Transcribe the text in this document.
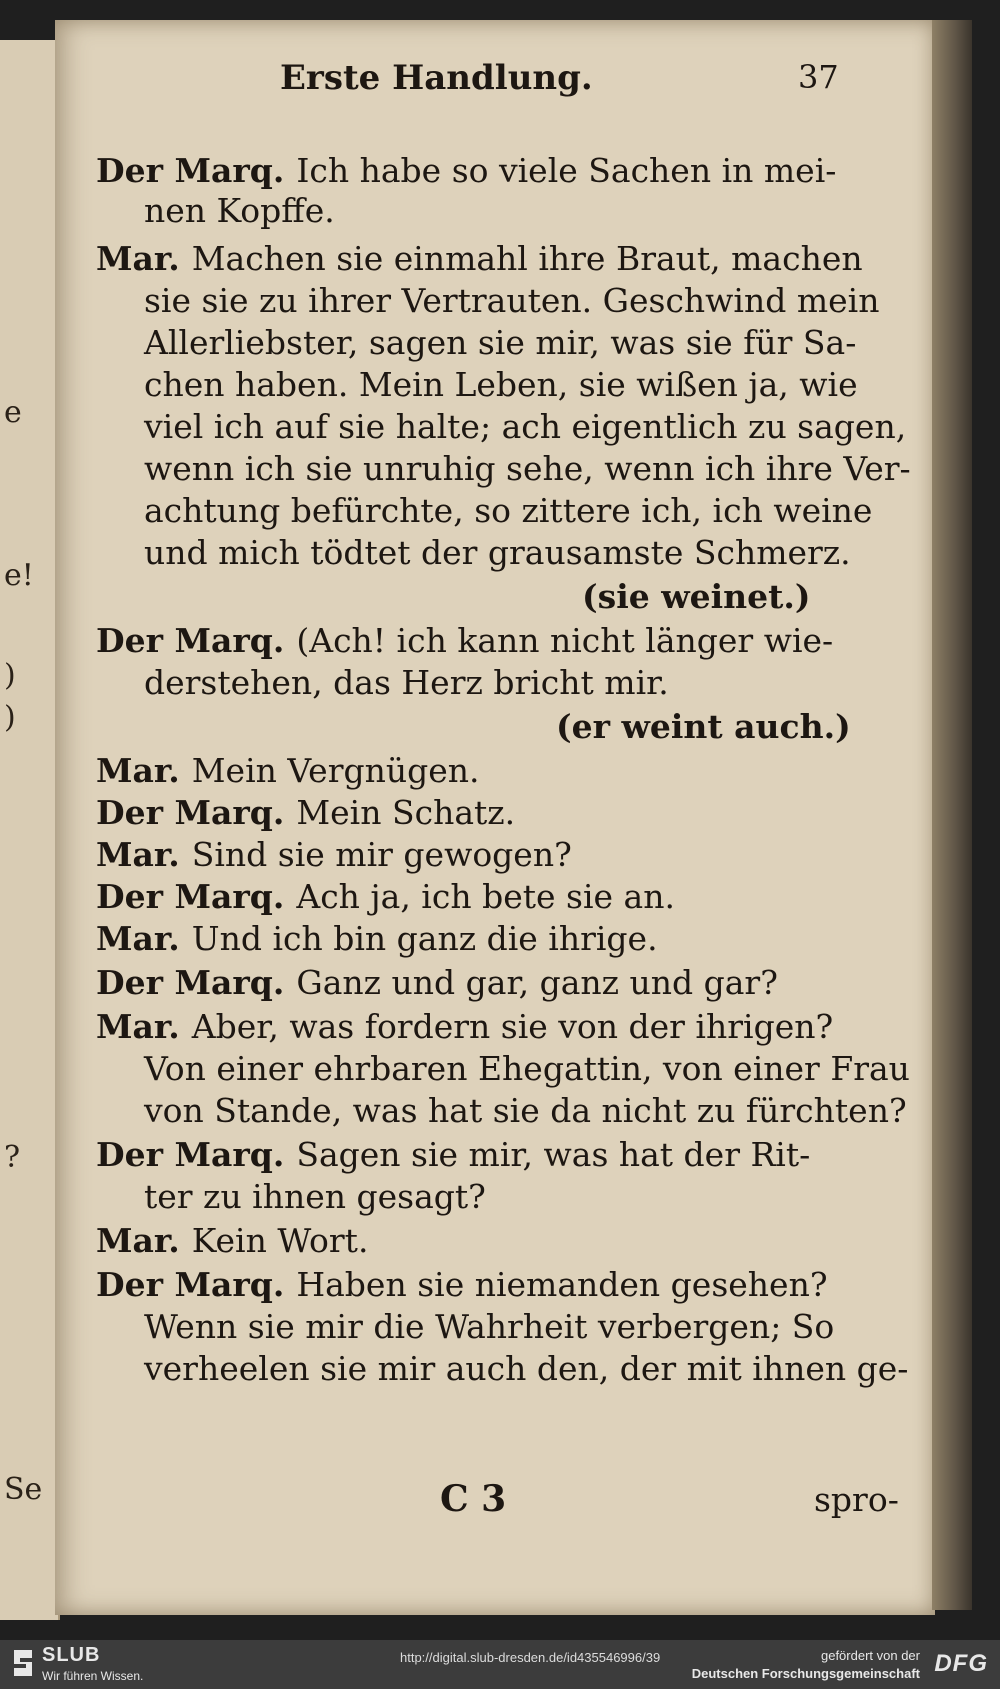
e
e!
)
)
?
Se
Erste Handlung.	37
Der Marq. Ich habe so viele Sachen in mei-
nen Kopffe.
Mar. Machen sie einmahl ihre Braut, machen
sie sie zu ihrer Vertrauten. Geschwind mein
Allerliebster, sagen sie mir, was sie für Sa-
chen haben. Mein Leben, sie wißen ja, wie
viel ich auf sie halte; ach eigentlich zu sagen,
wenn ich sie unruhig sehe, wenn ich ihre Ver-
achtung befürchte, so zittere ich, ich weine
und mich tödtet der grausamste Schmerz.
(sie weinet.)
Der Marq. (Ach! ich kann nicht länger wie-
derstehen, das Herz bricht mir.
(er weint auch.)
Mar. Mein Vergnügen.
Der Marq. Mein Schatz.
Mar. Sind sie mir gewogen?
Der Marq. Ach ja, ich bete sie an.
Mar. Und ich bin ganz die ihrige.
Der Marq. Ganz und gar, ganz und gar?
Mar. Aber, was fordern sie von der ihrigen?
Von einer ehrbaren Ehegattin, von einer Frau
von Stande, was hat sie da nicht zu fürchten?
Der Marq. Sagen sie mir, was hat der Rit-
ter zu ihnen gesagt?
Mar. Kein Wort.
Der Marq. Haben sie niemanden gesehen?
Wenn sie mir die Wahrheit verbergen; So
verheelen sie mir auch den, der mit ihnen ge-
C 3	spro-
SLUB
Wir führen Wissen.
http://digital.slub-dresden.de/id435546996/39	gefördert von der
Deutschen Forschungsgemeinschaft DFG
